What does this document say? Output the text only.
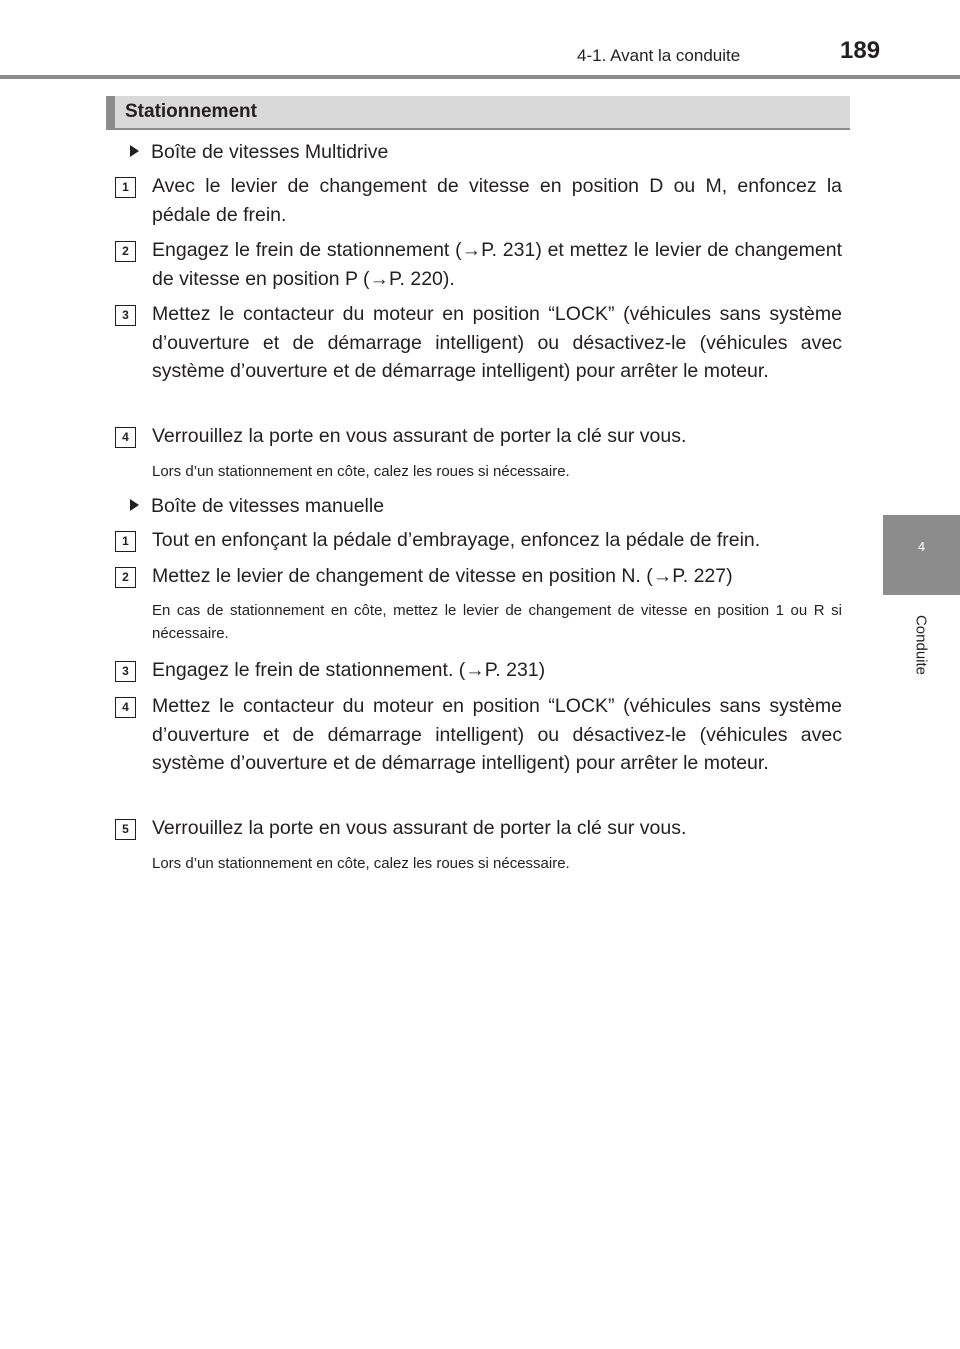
4-1. Avant la conduite	189
4
Conduite
Stationnement
Boîte de vitesses Multidrive
1	Avec le levier de changement de vitesse en position D ou M, enfoncez la pédale de frein.
2	Engagez le frein de stationnement (→P. 231) et mettez le levier de changement de vitesse en position P (→P. 220).
3	Mettez le contacteur du moteur en position “LOCK” (véhicules sans système d’ouverture et de démarrage intelligent) ou désactivez-le (véhicules avec système d’ouverture et de démarrage intelligent) pour arrêter le moteur.
4	Verrouillez la porte en vous assurant de porter la clé sur vous.
Lors d’un stationnement en côte, calez les roues si nécessaire.
Boîte de vitesses manuelle
1	Tout en enfonçant la pédale d’embrayage, enfoncez la pédale de frein.
2	Mettez le levier de changement de vitesse en position N. (→P. 227)
En cas de stationnement en côte, mettez le levier de changement de vitesse en position 1 ou R si nécessaire.
3	Engagez le frein de stationnement. (→P. 231)
4	Mettez le contacteur du moteur en position “LOCK” (véhicules sans système d’ouverture et de démarrage intelligent) ou désactivez-le (véhicules avec système d’ouverture et de démarrage intelligent) pour arrêter le moteur.
5	Verrouillez la porte en vous assurant de porter la clé sur vous.
Lors d’un stationnement en côte, calez les roues si nécessaire.
